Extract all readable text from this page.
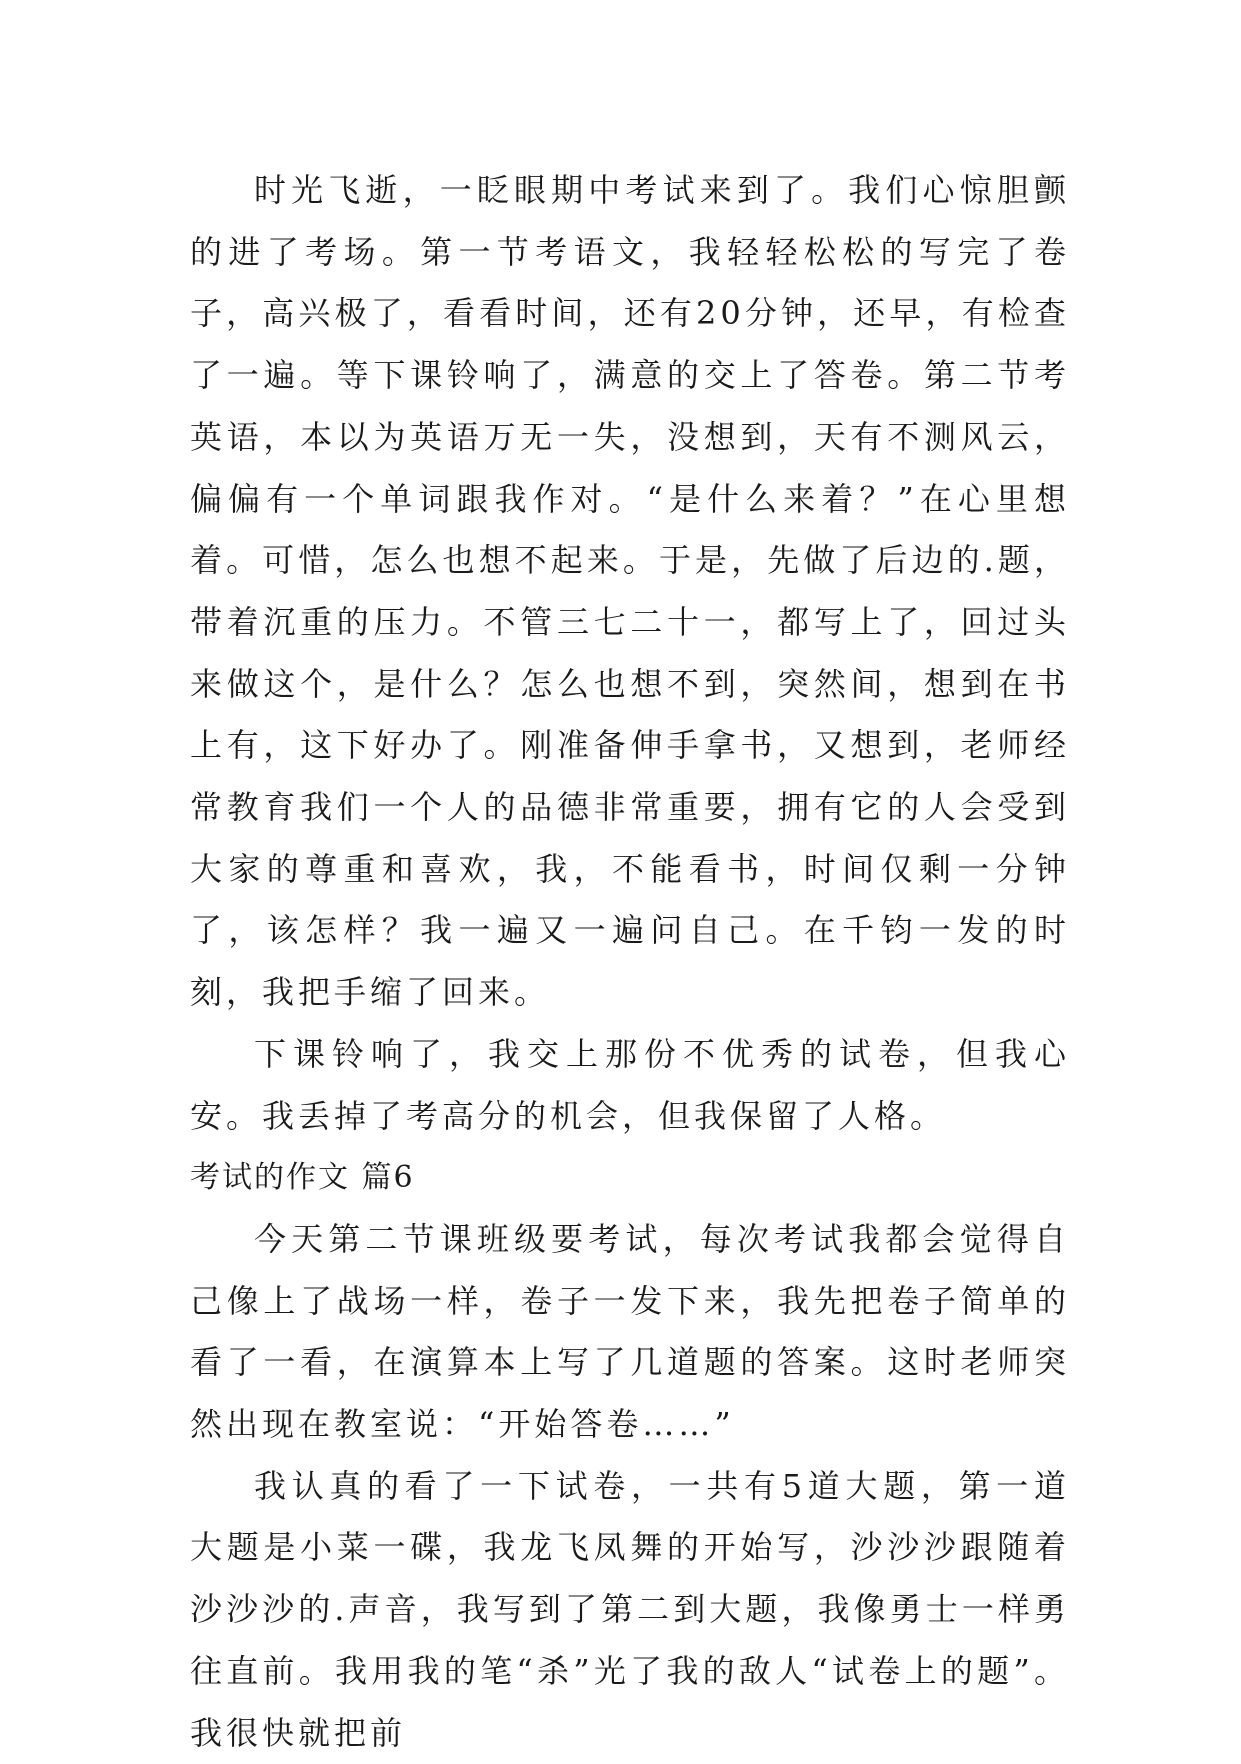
时光飞逝，一眨眼期中考试来到了。我们心惊胆颤的进了考场。第一节考语文，我轻轻松松的写完了卷子，高兴极了，看看时间，还有20分钟，还早，有检查了一遍。等下课铃响了，满意的交上了答卷。第二节考英语，本以为英语万无一失，没想到，天有不测风云，偏偏有一个单词跟我作对。“是什么来着？”在心里想着。可惜，怎么也想不起来。于是，先做了后边的.题，带着沉重的压力。不管三七二十一，都写上了，回过头来做这个，是什么？怎么也想不到，突然间，想到在书上有，这下好办了。刚准备伸手拿书，又想到，老师经常教育我们一个人的品德非常重要，拥有它的人会受到大家的尊重和喜欢，我，不能看书，时间仅剩一分钟了，该怎样？我一遍又一遍问自己。在千钧一发的时刻，我把手缩了回来。

下课铃响了，我交上那份不优秀的试卷，但我心安。我丢掉了考高分的机会，但我保留了人格。

考试的作文 篇6

今天第二节课班级要考试，每次考试我都会觉得自己像上了战场一样，卷子一发下来，我先把卷子简单的看了一看，在演算本上写了几道题的答案。这时老师突然出现在教室说：“开始答卷……”

我认真的看了一下试卷，一共有5道大题，第一道大题是小菜一碟，我龙飞凤舞的开始写，沙沙沙跟随着沙沙沙的.声音，我写到了第二到大题，我像勇士一样勇往直前。我用我的笔“杀”光了我的敌人“试卷上的题”。我很快就把前
